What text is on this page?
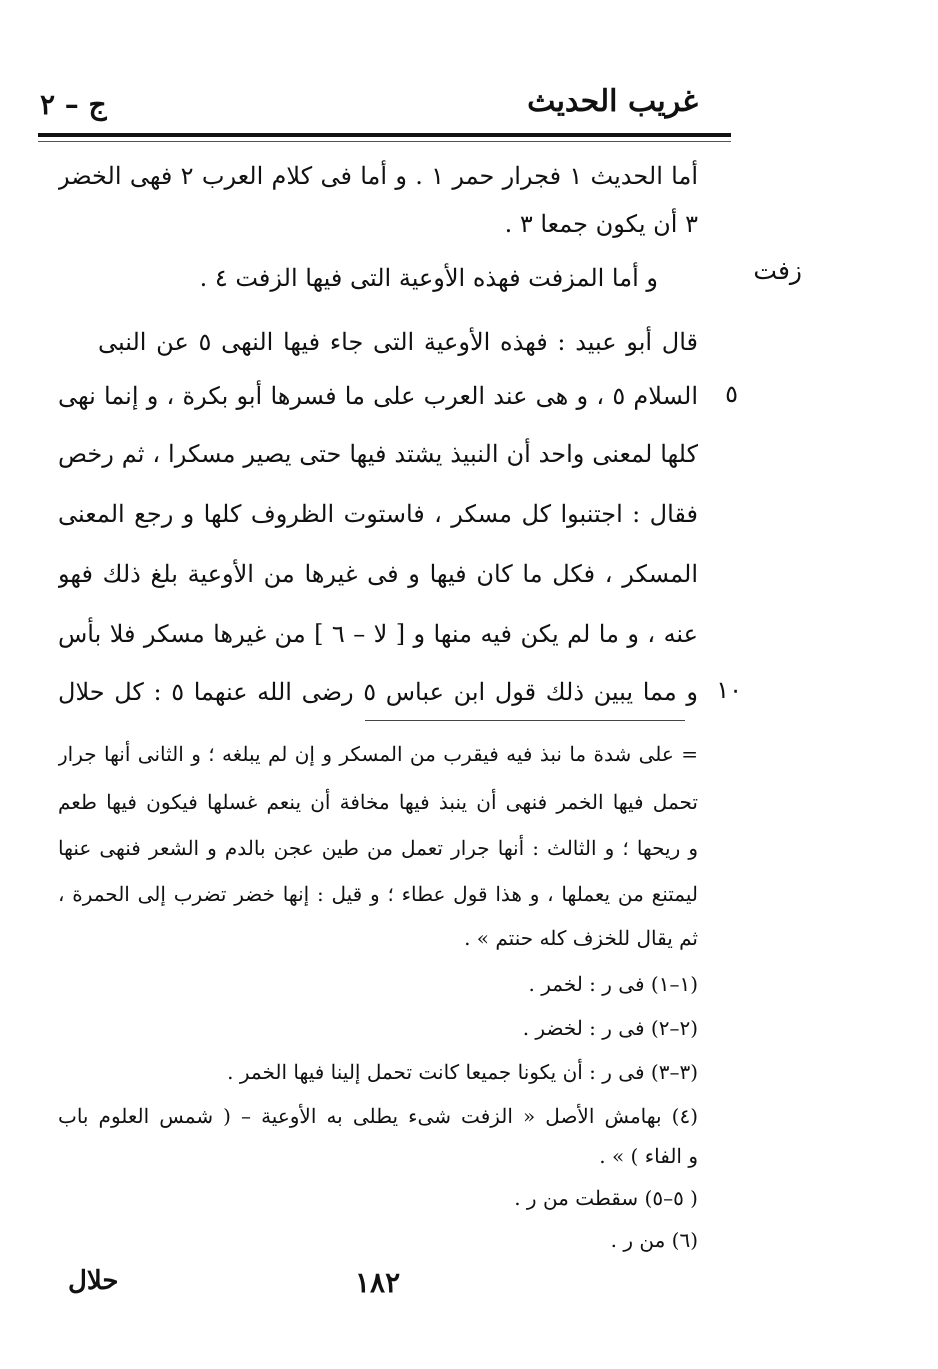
غريب الحديث
ج – ٢
زفت
٥
١٠
أما الحديث ١ فجرار حمر ١ . و أما فى كلام العرب ٢ فهى الخضر
٣ أن يكون جمعا ٣ .
و أما المزفت فهذه الأوعية التى فيها الزفت ٤ .
قال أبو عبيد : فهذه الأوعية التى جاء فيها النهى ٥ عن النبى
السلام ٥ ، و هى عند العرب على ما فسرها أبو بكرة ، و إنما نهى
كلها لمعنى واحد أن النبيذ يشتد فيها حتى يصير مسكرا ، ثم رخص
فقال : اجتنبوا كل مسكر ، فاستوت الظروف كلها و رجع المعنى
المسكر ، فكل ما كان فيها و فى غيرها من الأوعية بلغ ذلك فهو
عنه ، و ما لم يكن فيه منها و [ لا – ٦ ] من غيرها مسكر فلا بأس
و مما يبين ذلك قول ابن عباس ٥ رضى الله عنهما ٥ : كل حلال
= على شدة ما نبذ فيه فيقرب من المسكر و إن لم يبلغه ؛ و الثانى أنها جرار
تحمل فيها الخمر فنهى أن ينبذ فيها مخافة أن ينعم غسلها فيكون فيها طعم
و ريحها ؛ و الثالث : أنها جرار تعمل من طين عجن بالدم و الشعر فنهى عنها
ليمتنع من يعملها ، و هذا قول عطاء ؛ و قيل : إنها خضر تضرب إلى الحمرة ،
ثم يقال للخزف كله حنتم » .
(١–١) فى ر : لخمر .
(٢–٢) فى ر : لخضر .
(٣–٣) فى ر : أن يكونا جميعا كانت تحمل إلينا فيها الخمر .
(٤) بهامش الأصل « الزفت شىء يطلى به الأوعية – ( شمس العلوم باب
و الفاء ) » .
( ٥–٥) سقطت من ر .
(٦) من ر .
١٨٢
حلال
